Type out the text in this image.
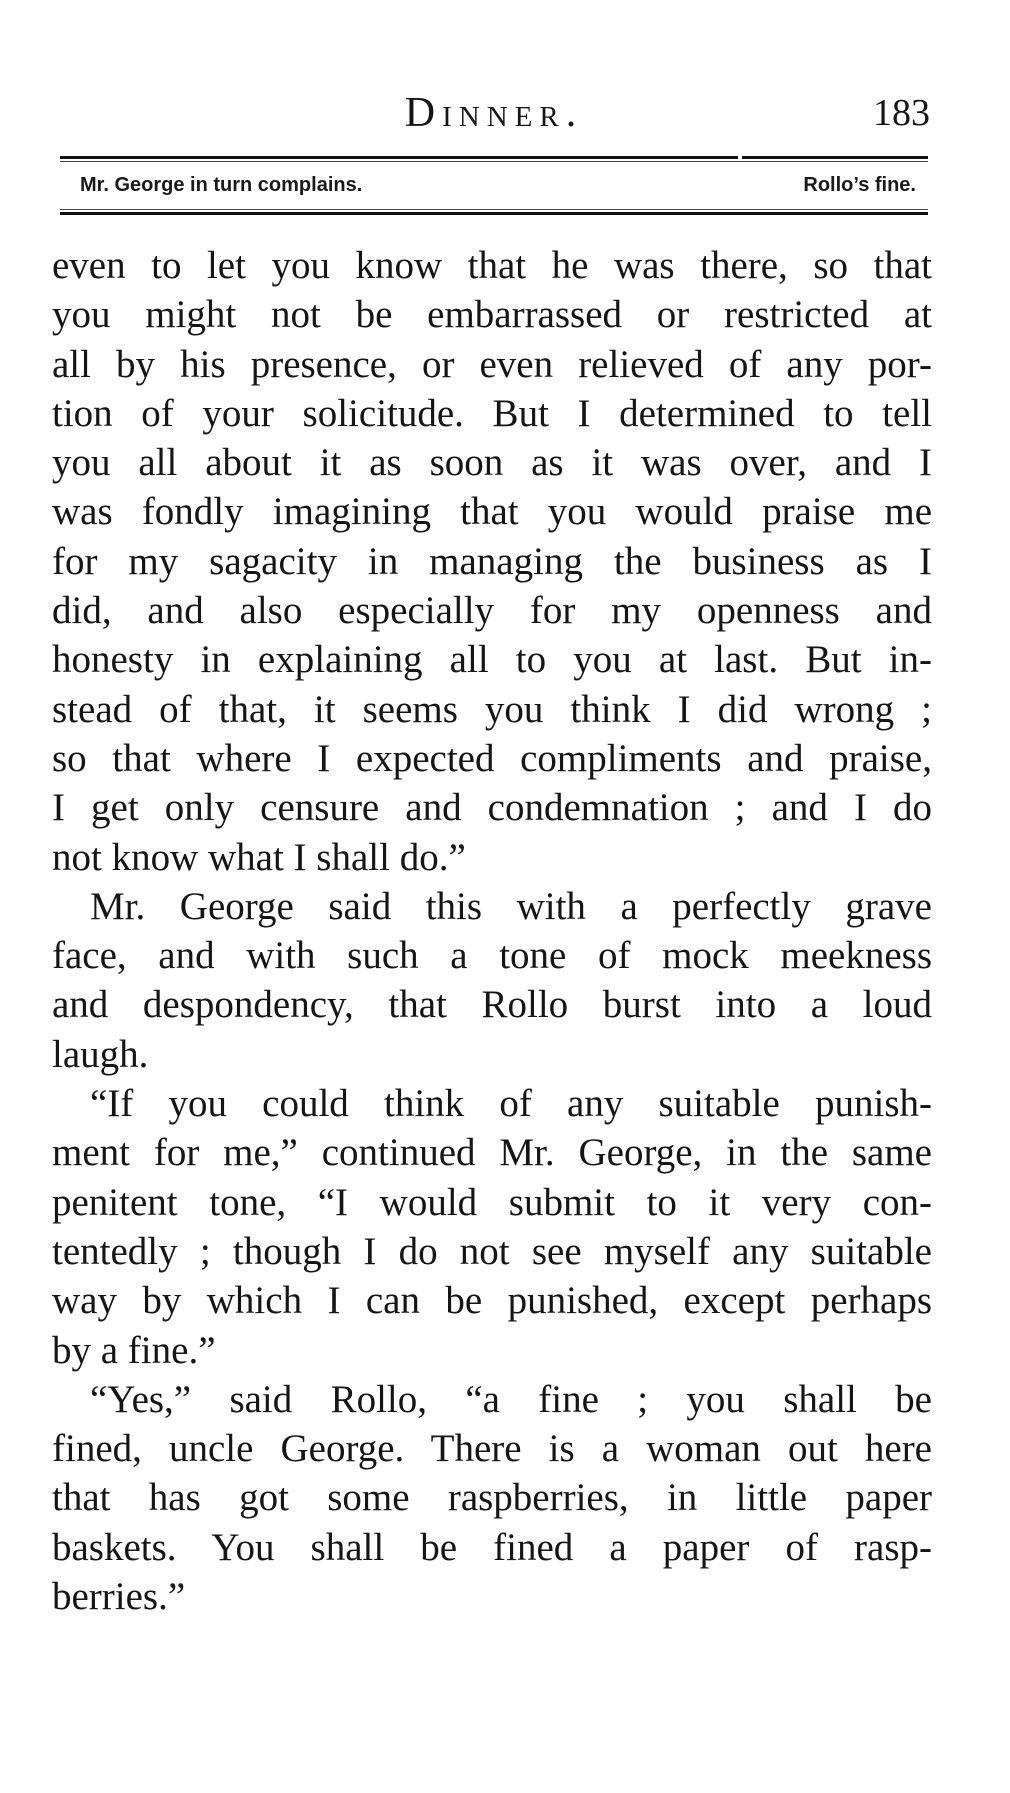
Dinner.	183
Mr. George in turn complains.	Rollo’s fine.
even to let you know that he was there, so that
you might not be embarrassed or restricted at
all by his presence, or even relieved of any por-
tion of your solicitude. But I determined to tell
you all about it as soon as it was over, and I
was fondly imagining that you would praise me
for my sagacity in managing the business as I
did, and also especially for my openness and
honesty in explaining all to you at last. But in-
stead of that, it seems you think I did wrong ;
so that where I expected compliments and praise,
I get only censure and condemnation ; and I do
not know what I shall do.”
Mr. George said this with a perfectly grave
face, and with such a tone of mock meekness
and despondency, that Rollo burst into a loud
laugh.
“If you could think of any suitable punish-
ment for me,” continued Mr. George, in the same
penitent tone, “I would submit to it very con-
tentedly ; though I do not see myself any suitable
way by which I can be punished, except perhaps
by a fine.”
“Yes,” said Rollo, “a fine ; you shall be
fined, uncle George. There is a woman out here
that has got some raspberries, in little paper
baskets. You shall be fined a paper of rasp-
berries.”
